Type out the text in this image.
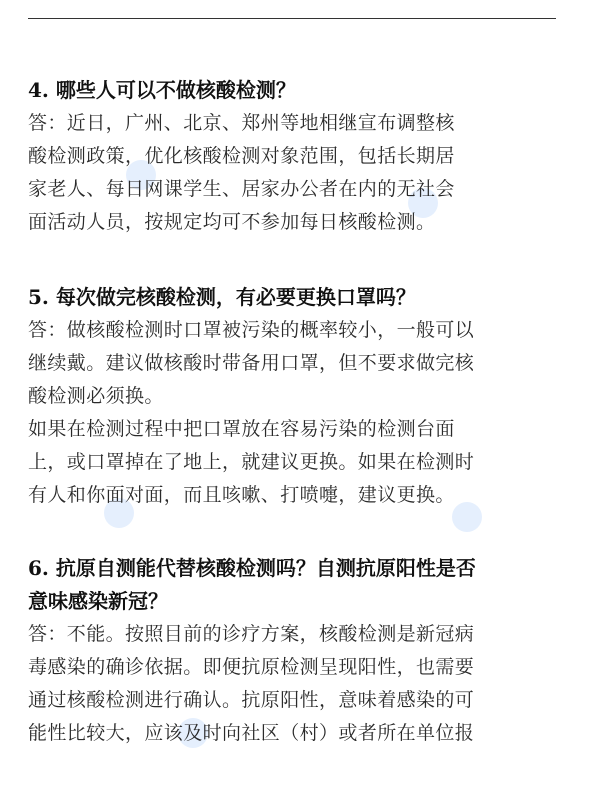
4. 哪些人可以不做核酸检测？

答：近日，广州、北京、郑州等地相继宣布调整核

酸检测政策，优化核酸检测对象范围，包括长期居

家老人、每日网课学生、居家办公者在内的无社会

面活动人员，按规定均可不参加每日核酸检测。

5. 每次做完核酸检测，有必要更换口罩吗？

答：做核酸检测时口罩被污染的概率较小，一般可以

继续戴。建议做核酸时带备用口罩，但不要求做完核

酸检测必须换。

如果在检测过程中把口罩放在容易污染的检测台面

上，或口罩掉在了地上，就建议更换。如果在检测时

有人和你面对面，而且咳嗽、打喷嚏，建议更换。

6. 抗原自测能代替核酸检测吗？自测抗原阳性是否

意味感染新冠？

答：不能。按照目前的诊疗方案，核酸检测是新冠病

毒感染的确诊依据。即便抗原检测呈现阳性，也需要

通过核酸检测进行确认。抗原阳性，意味着感染的可

能性比较大，应该及时向社区（村）或者所在单位报
